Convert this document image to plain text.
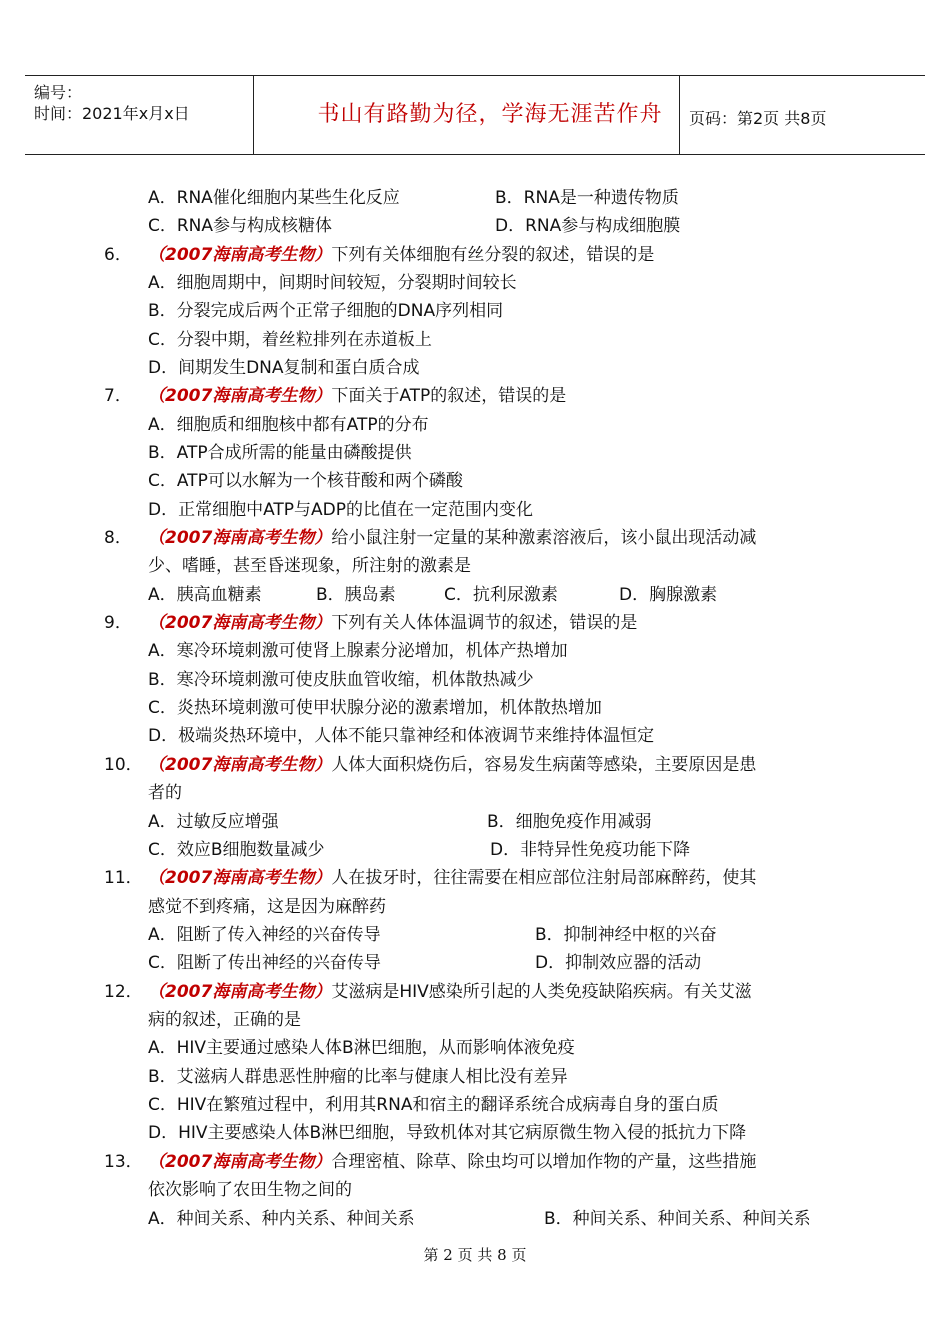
编号：
时间：2021年x月x日	书山有路勤为径，学海无涯苦作舟	页码：第2页 共8页
A．RNA催化细胞内某些生化反应	B．RNA是一种遗传物质
C．RNA参与构成核糖体	D．RNA参与构成细胞膜
6． （2007海南高考生物）下列有关体细胞有丝分裂的叙述，错误的是
A．细胞周期中，间期时间较短，分裂期时间较长
B．分裂完成后两个正常子细胞的DNA序列相同
C．分裂中期，着丝粒排列在赤道板上
D．间期发生DNA复制和蛋白质合成
7． （2007海南高考生物）下面关于ATP的叙述，错误的是
A．细胞质和细胞核中都有ATP的分布
B．ATP合成所需的能量由磷酸提供
C．ATP可以水解为一个核苷酸和两个磷酸
D．正常细胞中ATP与ADP的比值在一定范围内变化
8． （2007海南高考生物）给小鼠注射一定量的某种激素溶液后，该小鼠出现活动减
少、嗜睡，甚至昏迷现象，所注射的激素是
A．胰高血糖素	B．胰岛素	C．抗利尿激素	D．胸腺激素
9． （2007海南高考生物）下列有关人体体温调节的叙述，错误的是
A．寒冷环境刺激可使肾上腺素分泌增加，机体产热增加
B．寒冷环境刺激可使皮肤血管收缩，机体散热减少
C．炎热环境刺激可使甲状腺分泌的激素增加，机体散热增加
D．极端炎热环境中，人体不能只靠神经和体液调节来维持体温恒定
10． （2007海南高考生物）人体大面积烧伤后，容易发生病菌等感染，主要原因是患
者的
A．过敏反应增强	B．细胞免疫作用减弱
C．效应B细胞数量减少	D．非特异性免疫功能下降
11． （2007海南高考生物）人在拔牙时，往往需要在相应部位注射局部麻醉药，使其
感觉不到疼痛，这是因为麻醉药
A．阻断了传入神经的兴奋传导	B．抑制神经中枢的兴奋
C．阻断了传出神经的兴奋传导	D．抑制效应器的活动
12． （2007海南高考生物）艾滋病是HIV感染所引起的人类免疫缺陷疾病。有关艾滋
病的叙述，正确的是
A．HIV主要通过感染人体B淋巴细胞，从而影响体液免疫
B．艾滋病人群患恶性肿瘤的比率与健康人相比没有差异
C．HIV在繁殖过程中，利用其RNA和宿主的翻译系统合成病毒自身的蛋白质
D．HIV主要感染人体B淋巴细胞，导致机体对其它病原微生物入侵的抵抗力下降
13． （2007海南高考生物）合理密植、除草、除虫均可以增加作物的产量，这些措施
依次影响了农田生物之间的
A．种间关系、种内关系、种间关系	B．种间关系、种间关系、种间关系
第 2 页 共 8 页
